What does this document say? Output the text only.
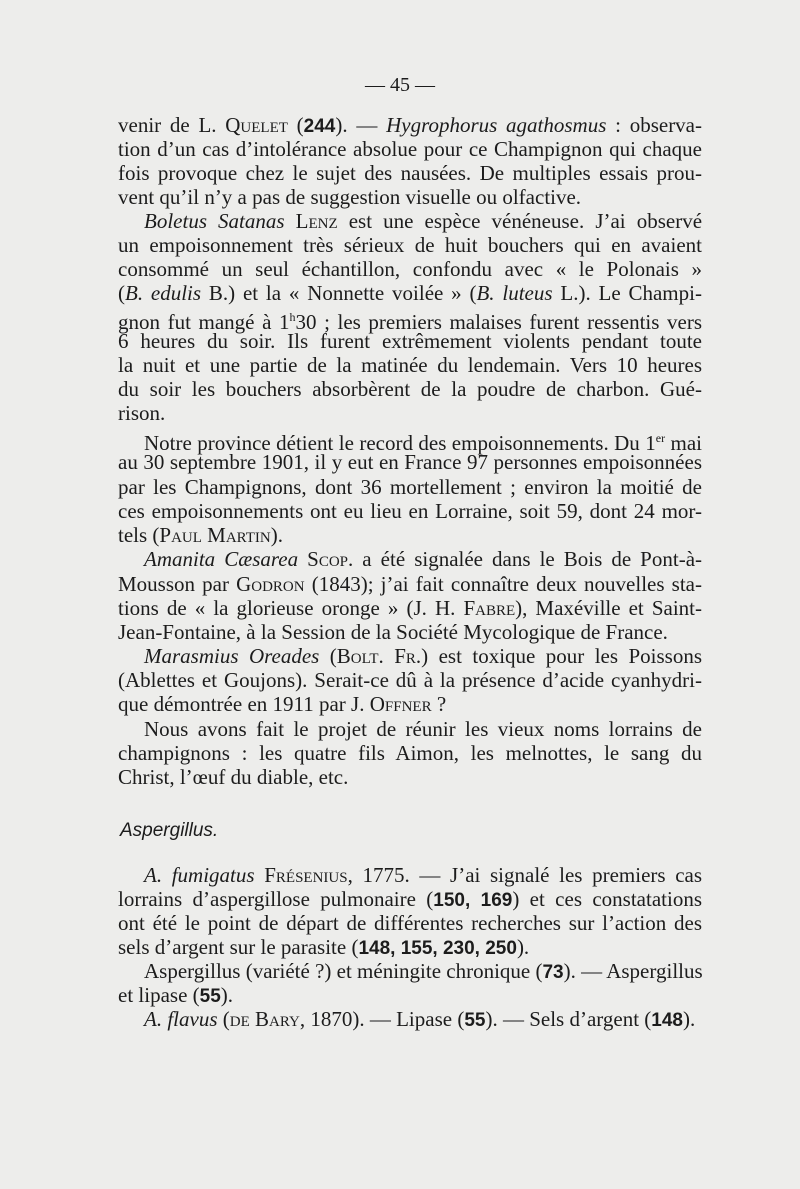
— 45 —
venir de L. Quelet (244). — Hygrophorus agathosmus : observa-
tion d’un cas d’intolérance absolue pour ce Champignon qui chaque
fois provoque chez le sujet des nausées. De multiples essais prou-
vent qu’il n’y a pas de suggestion visuelle ou olfactive.
Boletus Satanas Lenz est une espèce vénéneuse. J’ai observé
un empoisonnement très sérieux de huit bouchers qui en avaient
consommé un seul échantillon, confondu avec « le Polonais »
(B. edulis B.) et la « Nonnette voilée » (B. luteus L.). Le Champi-
gnon fut mangé à 1$^h$30 ; les premiers malaises furent ressentis vers
6 heures du soir. Ils furent extrêmement violents pendant toute
la nuit et une partie de la matinée du lendemain. Vers 10 heures
du soir les bouchers absorbèrent de la poudre de charbon. Gué-
rison.
Notre province détient le record des empoisonnements. Du 1er mai
au 30 septembre 1901, il y eut en France 97 personnes empoisonnées
par les Champignons, dont 36 mortellement ; environ la moitié de
ces empoisonnements ont eu lieu en Lorraine, soit 59, dont 24 mor-
tels (Paul Martin).
Amanita Cæsarea Scop. a été signalée dans le Bois de Pont-à-
Mousson par Godron (1843); j’ai fait connaître deux nouvelles sta-
tions de « la glorieuse oronge » (J. H. Fabre), Maxéville et Saint-
Jean-Fontaine, à la Session de la Société Mycologique de France.
Marasmius Oreades (Bolt. Fr.) est toxique pour les Poissons
(Ablettes et Goujons). Serait-ce dû à la présence d’acide cyanhydri-
que démontrée en 1911 par J. Offner ?
Nous avons fait le projet de réunir les vieux noms lorrains de
champignons : les quatre fils Aimon, les melnottes, le sang du
Christ, l’œuf du diable, etc.
A. fumigatus Frésenius, 1775. — J’ai signalé les premiers cas
lorrains d’aspergillose pulmonaire (150, 169) et ces constatations
ont été le point de départ de différentes recherches sur l’action des
sels d’argent sur le parasite (148, 155, 230, 250).
Aspergillus (variété ?) et méningite chronique (73). — Aspergillus
et lipase (55).
A. flavus (de Bary, 1870). — Lipase (55). — Sels d’argent (148).
Aspergillus.
